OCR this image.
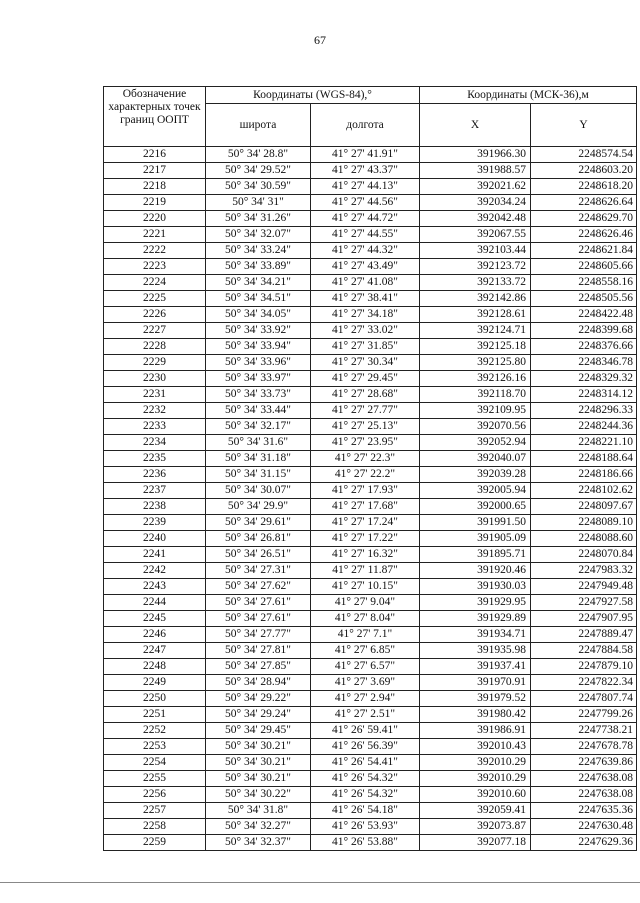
67
Обозначение характерных точек границ ООПТ	Координаты (WGS-84),°		Координаты (МСК-36),м	
	широта	долгота	X	Y
2216	50° 34' 28.8"	41° 27' 41.91"	391966.30	2248574.54
2217	50° 34' 29.52"	41° 27' 43.37"	391988.57	2248603.20
2218	50° 34' 30.59"	41° 27' 44.13"	392021.62	2248618.20
2219	50° 34' 31"	41° 27' 44.56"	392034.24	2248626.64
2220	50° 34' 31.26"	41° 27' 44.72"	392042.48	2248629.70
2221	50° 34' 32.07"	41° 27' 44.55"	392067.55	2248626.46
2222	50° 34' 33.24"	41° 27' 44.32"	392103.44	2248621.84
2223	50° 34' 33.89"	41° 27' 43.49"	392123.72	2248605.66
2224	50° 34' 34.21"	41° 27' 41.08"	392133.72	2248558.16
2225	50° 34' 34.51"	41° 27' 38.41"	392142.86	2248505.56
2226	50° 34' 34.05"	41° 27' 34.18"	392128.61	2248422.48
2227	50° 34' 33.92"	41° 27' 33.02"	392124.71	2248399.68
2228	50° 34' 33.94"	41° 27' 31.85"	392125.18	2248376.66
2229	50° 34' 33.96"	41° 27' 30.34"	392125.80	2248346.78
2230	50° 34' 33.97"	41° 27' 29.45"	392126.16	2248329.32
2231	50° 34' 33.73"	41° 27' 28.68"	392118.70	2248314.12
2232	50° 34' 33.44"	41° 27' 27.77"	392109.95	2248296.33
2233	50° 34' 32.17"	41° 27' 25.13"	392070.56	2248244.36
2234	50° 34' 31.6"	41° 27' 23.95"	392052.94	2248221.10
2235	50° 34' 31.18"	41° 27' 22.3"	392040.07	2248188.64
2236	50° 34' 31.15"	41° 27' 22.2"	392039.28	2248186.66
2237	50° 34' 30.07"	41° 27' 17.93"	392005.94	2248102.62
2238	50° 34' 29.9"	41° 27' 17.68"	392000.65	2248097.67
2239	50° 34' 29.61"	41° 27' 17.24"	391991.50	2248089.10
2240	50° 34' 26.81"	41° 27' 17.22"	391905.09	2248088.60
2241	50° 34' 26.51"	41° 27' 16.32"	391895.71	2248070.84
2242	50° 34' 27.31"	41° 27' 11.87"	391920.46	2247983.32
2243	50° 34' 27.62"	41° 27' 10.15"	391930.03	2247949.48
2244	50° 34' 27.61"	41° 27' 9.04"	391929.95	2247927.58
2245	50° 34' 27.61"	41° 27' 8.04"	391929.89	2247907.95
2246	50° 34' 27.77"	41° 27' 7.1"	391934.71	2247889.47
2247	50° 34' 27.81"	41° 27' 6.85"	391935.98	2247884.58
2248	50° 34' 27.85"	41° 27' 6.57"	391937.41	2247879.10
2249	50° 34' 28.94"	41° 27' 3.69"	391970.91	2247822.34
2250	50° 34' 29.22"	41° 27' 2.94"	391979.52	2247807.74
2251	50° 34' 29.24"	41° 27' 2.51"	391980.42	2247799.26
2252	50° 34' 29.45"	41° 26' 59.41"	391986.91	2247738.21
2253	50° 34' 30.21"	41° 26' 56.39"	392010.43	2247678.78
2254	50° 34' 30.21"	41° 26' 54.41"	392010.29	2247639.86
2255	50° 34' 30.21"	41° 26' 54.32"	392010.29	2247638.08
2256	50° 34' 30.22"	41° 26' 54.32"	392010.60	2247638.08
2257	50° 34' 31.8"	41° 26' 54.18"	392059.41	2247635.36
2258	50° 34' 32.27"	41° 26' 53.93"	392073.87	2247630.48
2259	50° 34' 32.37"	41° 26' 53.88"	392077.18	2247629.36
